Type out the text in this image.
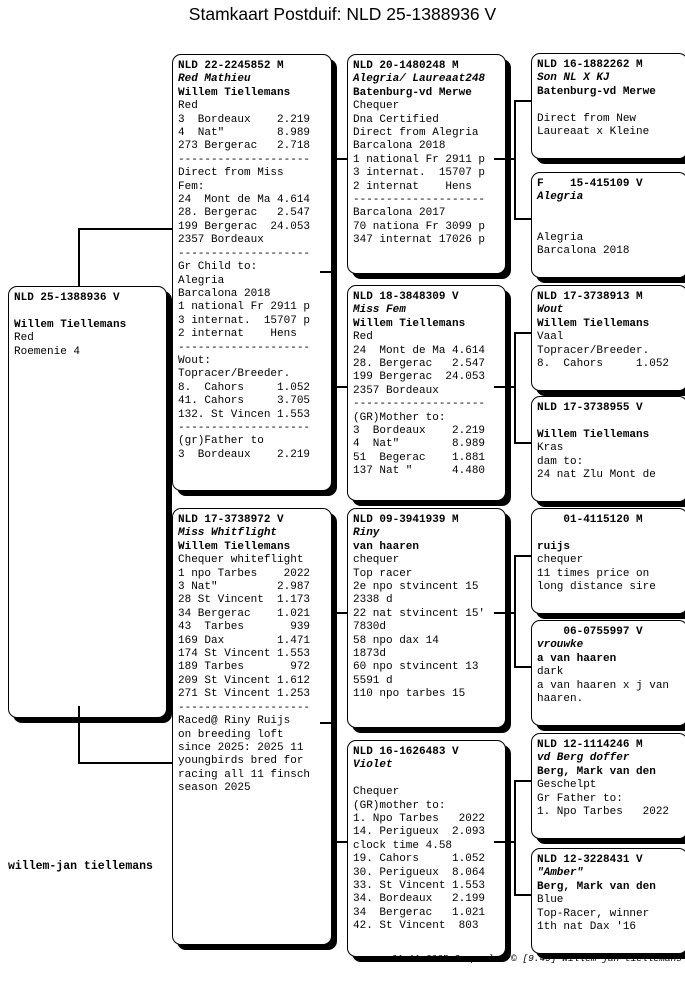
Stamkaart Postduif: NLD 25-1388936 V
NLD 25-1388936 V

Willem Tiellemans
Red
Roemenie 4
NLD 22-2245852 M
Red Mathieu
Willem Tiellemans
Red
3  Bordeaux    2.219
4  Nat"        8.989
273 Bergerac   2.718
--------------------
Direct from Miss
Fem:
24  Mont de Ma 4.614
28. Bergerac   2.547
199 Bergerac  24.053
2357 Bordeaux
--------------------
Gr Child to:
Alegria
Barcalona 2018
1 national Fr 2911 p
3 internat.  15707 p
2 internat    Hens
--------------------
Wout:
Topracer/Breeder.
8.  Cahors     1.052
41. Cahors     3.705
132. St Vincen 1.553
--------------------
(gr)Father to
3  Bordeaux    2.219
NLD 17-3738972 V
Miss Whitflight
Willem Tiellemans
Chequer whiteflight
1 npo Tarbes    2022
3 Nat"         2.987
28 St Vincent  1.173
34 Bergerac    1.021
43  Tarbes       939
169 Dax        1.471
174 St Vincent 1.553
189 Tarbes       972
209 St Vincent 1.612
271 St Vincent 1.253
--------------------
Raced@ Riny Ruijs
on breeding loft
since 2025: 2025 11
youngbirds bred for
racing all 11 finsch
season 2025
NLD 20-1480248 M
Alegria/ Laureaat248
Batenburg-vd Merwe
Chequer
Dna Certified
Direct from Alegria
Barcalona 2018
1 national Fr 2911 p
3 internat.  15707 p
2 internat    Hens
--------------------
Barcalona 2017
70 nationa Fr 3099 p
347 internat 17026 p
NLD 18-3848309 V
Miss Fem
Willem Tiellemans
Red
24  Mont de Ma 4.614
28. Bergerac   2.547
199 Bergerac  24.053
2357 Bordeaux
--------------------
(GR)Mother to:
3  Bordeaux    2.219
4  Nat"        8.989
51  Begerac    1.881
137 Nat "      4.480
NLD 09-3941939 M
Riny
van haaren
chequer
Top racer
2e npo stvincent 15
2338 d
22 nat stvincent 15'
7830d
58 npo dax 14
1873d
60 npo stvincent 13
5591 d
110 npo tarbes 15
NLD 16-1626483 V
Violet

Chequer
(GR)mother to:
1. Npo Tarbes   2022
14. Perigueux  2.093
clock time 4.58
19. Cahors     1.052
30. Perigueux  8.064
33. St Vincent 1.553
34. Bordeaux   2.199
34  Bergerac   1.021
42. St Vincent  803
NLD 16-1882262 M
Son NL X KJ
Batenburg-vd Merwe

Direct from New
Laureaat x Kleine
F    15-415109 V
Alegria

Alegria
Barcalona 2018
NLD 17-3738913 M
Wout
Willem Tiellemans
Vaal
Topracer/Breeder.
8.  Cahors     1.052
NLD 17-3738955 V

Willem Tiellemans
Kras
dam to:
24 nat Zlu Mont de
01-4115120 M

ruijs
chequer
11 times price on
long distance sire
06-0755997 V
vrouwke
a van haaren
dark
a van haaren x j van
haaren.
NLD 12-1114246 M
vd Berg doffer
Berg, Mark van den
Geschelpt
Gr Father to:
1. Npo Tarbes   2022
NLD 12-3228431 V
"Amber"
Berg, Mark van den
Blue
Top-Racer, winner
1th nat Dax '16
willem-jan tiellemans
21-11-2025 Compoclub © [9.49] willem-jan tiellemans
